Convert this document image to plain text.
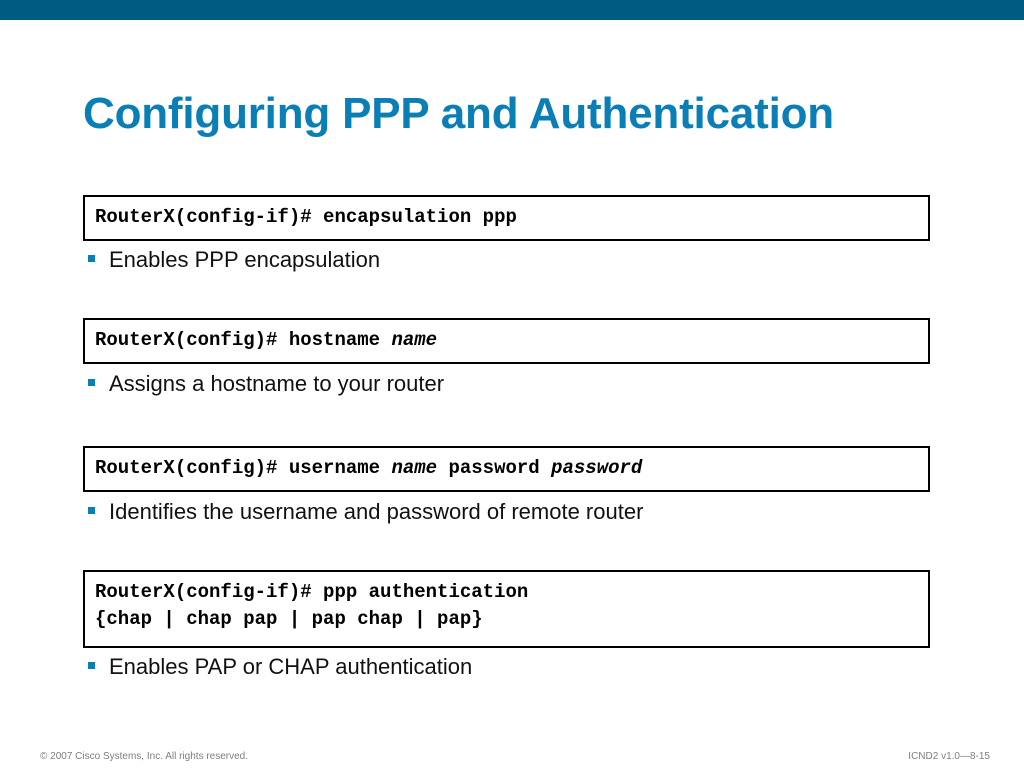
Configuring PPP and Authentication
RouterX(config-if)# encapsulation ppp
Enables PPP encapsulation
RouterX(config)# hostname name
Assigns a hostname to your router
RouterX(config)# username name password password
Identifies the username and password of remote router
RouterX(config-if)# ppp authentication
{chap | chap pap | pap chap | pap}
Enables PAP or CHAP authentication
© 2007 Cisco Systems, Inc. All rights reserved.	ICND2 v1.0—8-15
